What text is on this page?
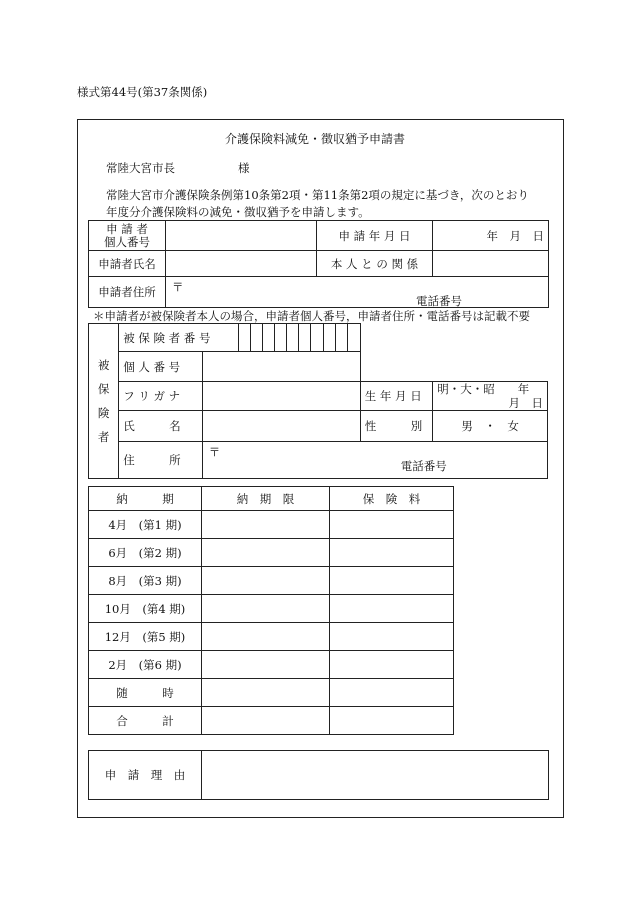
様式第44号(第37条関係)
介護保険料減免・徴収猶予申請書
常陸大宮市長	様
常陸大宮市介護保険条例第10条第2項・第11条第2項の規定に基づき，次のとおり
年度分介護保険料の減免・徴収猶予を申請します。
申 請 者
個人番号		申 請 年 月 日	年　月　日
申請者氏名		本 人 と の 関 係	
申請者住所	〒
電話番号		
＊申請者が被保険者本人の場合，申請者個人番号，申請者住所・電話番号は記載不要
被
保
険
者	被 保 険 者 番 号													
	個 人 番 号													
	フ リ ガ ナ												生 年 月 日	明・大・昭　　年
月　日

	氏　　　名												性　　　別	男　・　女
	住　　　所	〒
電話番号												
納　　　期	納　期　限	保　険　料
4月　(第1 期)		
6月　(第2 期)		
8月　(第3 期)		
10月　(第4 期)		
12月　(第5 期)		
2月　(第6 期)		
随　　　時		
合　　　計		
申　請　理　由	
